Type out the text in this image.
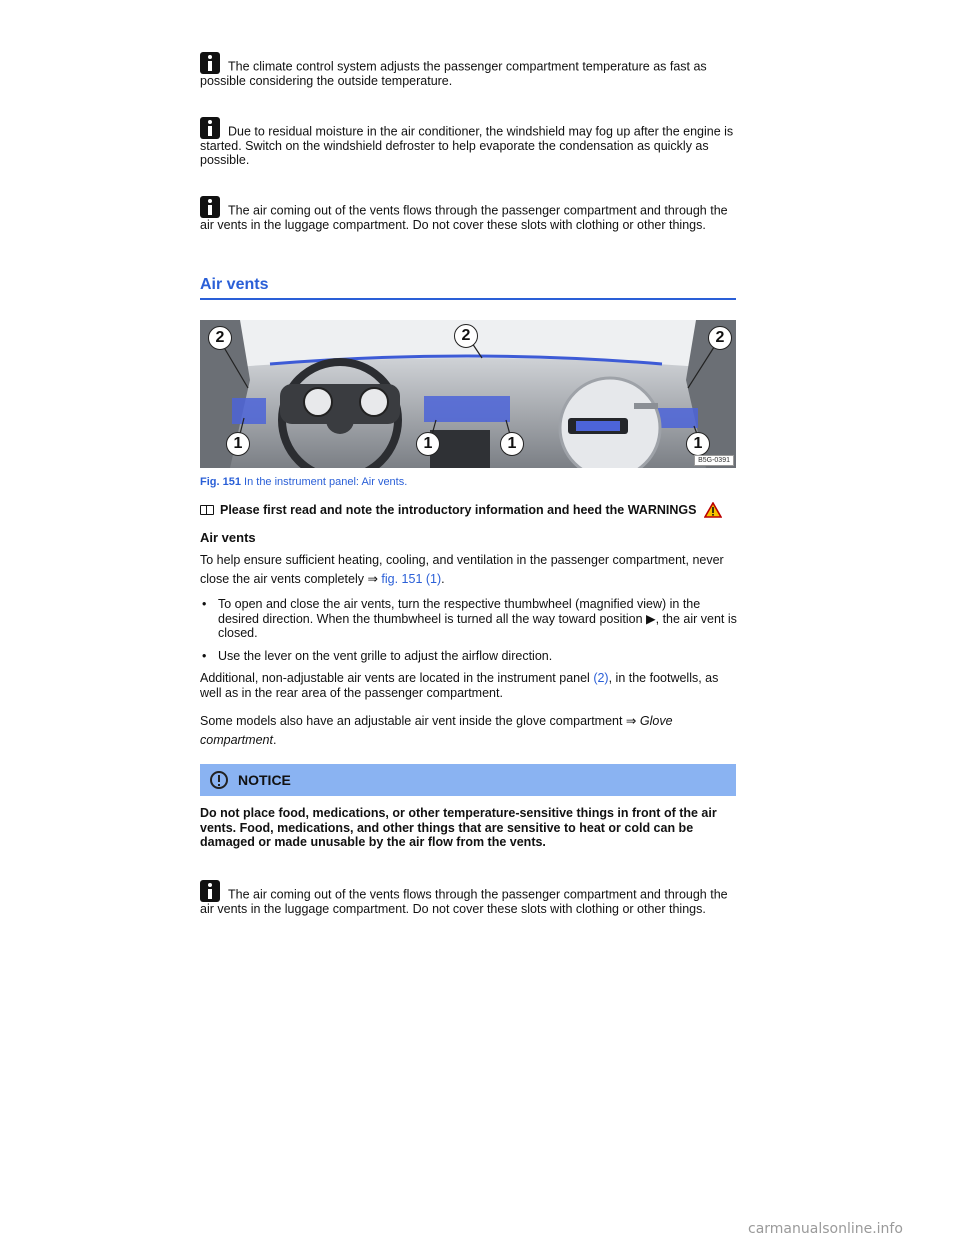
The climate control system adjusts the passenger compartment temperature as fast as possible considering the outside temperature.
Due to residual moisture in the air conditioner, the windshield may fog up after the engine is started. Switch on the windshield defroster to help evaporate the condensation as quickly as possible.
The air coming out of the vents flows through the passenger compartment and through the air vents in the luggage compartment. Do not cover these slots with clothing or other things.
Air vents
2	2	2
1	1	1	1
B5G-0391
Fig. 151 In the instrument panel: Air vents.
Please first read and note the introductory information and heed the WARNINGS
Air vents

To help ensure sufficient heating, cooling, and ventilation in the passenger compartment, never close the air vents completely ⇒ fig. 151 (1).

• To open and close the air vents, turn the respective thumbwheel (magnified view) in the desired direction. When the thumbwheel is turned all the way toward position ▶, the air vent is closed.
• Use the lever on the vent grille to adjust the airflow direction.

Additional, non-adjustable air vents are located in the instrument panel (2), in the footwells, as well as in the rear area of the passenger compartment.

Some models also have an adjustable air vent inside the glove compartment ⇒ Glove compartment.

NOTICE
Do not place food, medications, or other temperature-sensitive things in front of the air vents. Food, medications, and other things that are sensitive to heat or cold can be damaged or made unusable by the air flow from the vents.
The air coming out of the vents flows through the passenger compartment and through the air vents in the luggage compartment. Do not cover these slots with clothing or other things.
carmanualsonline.info
